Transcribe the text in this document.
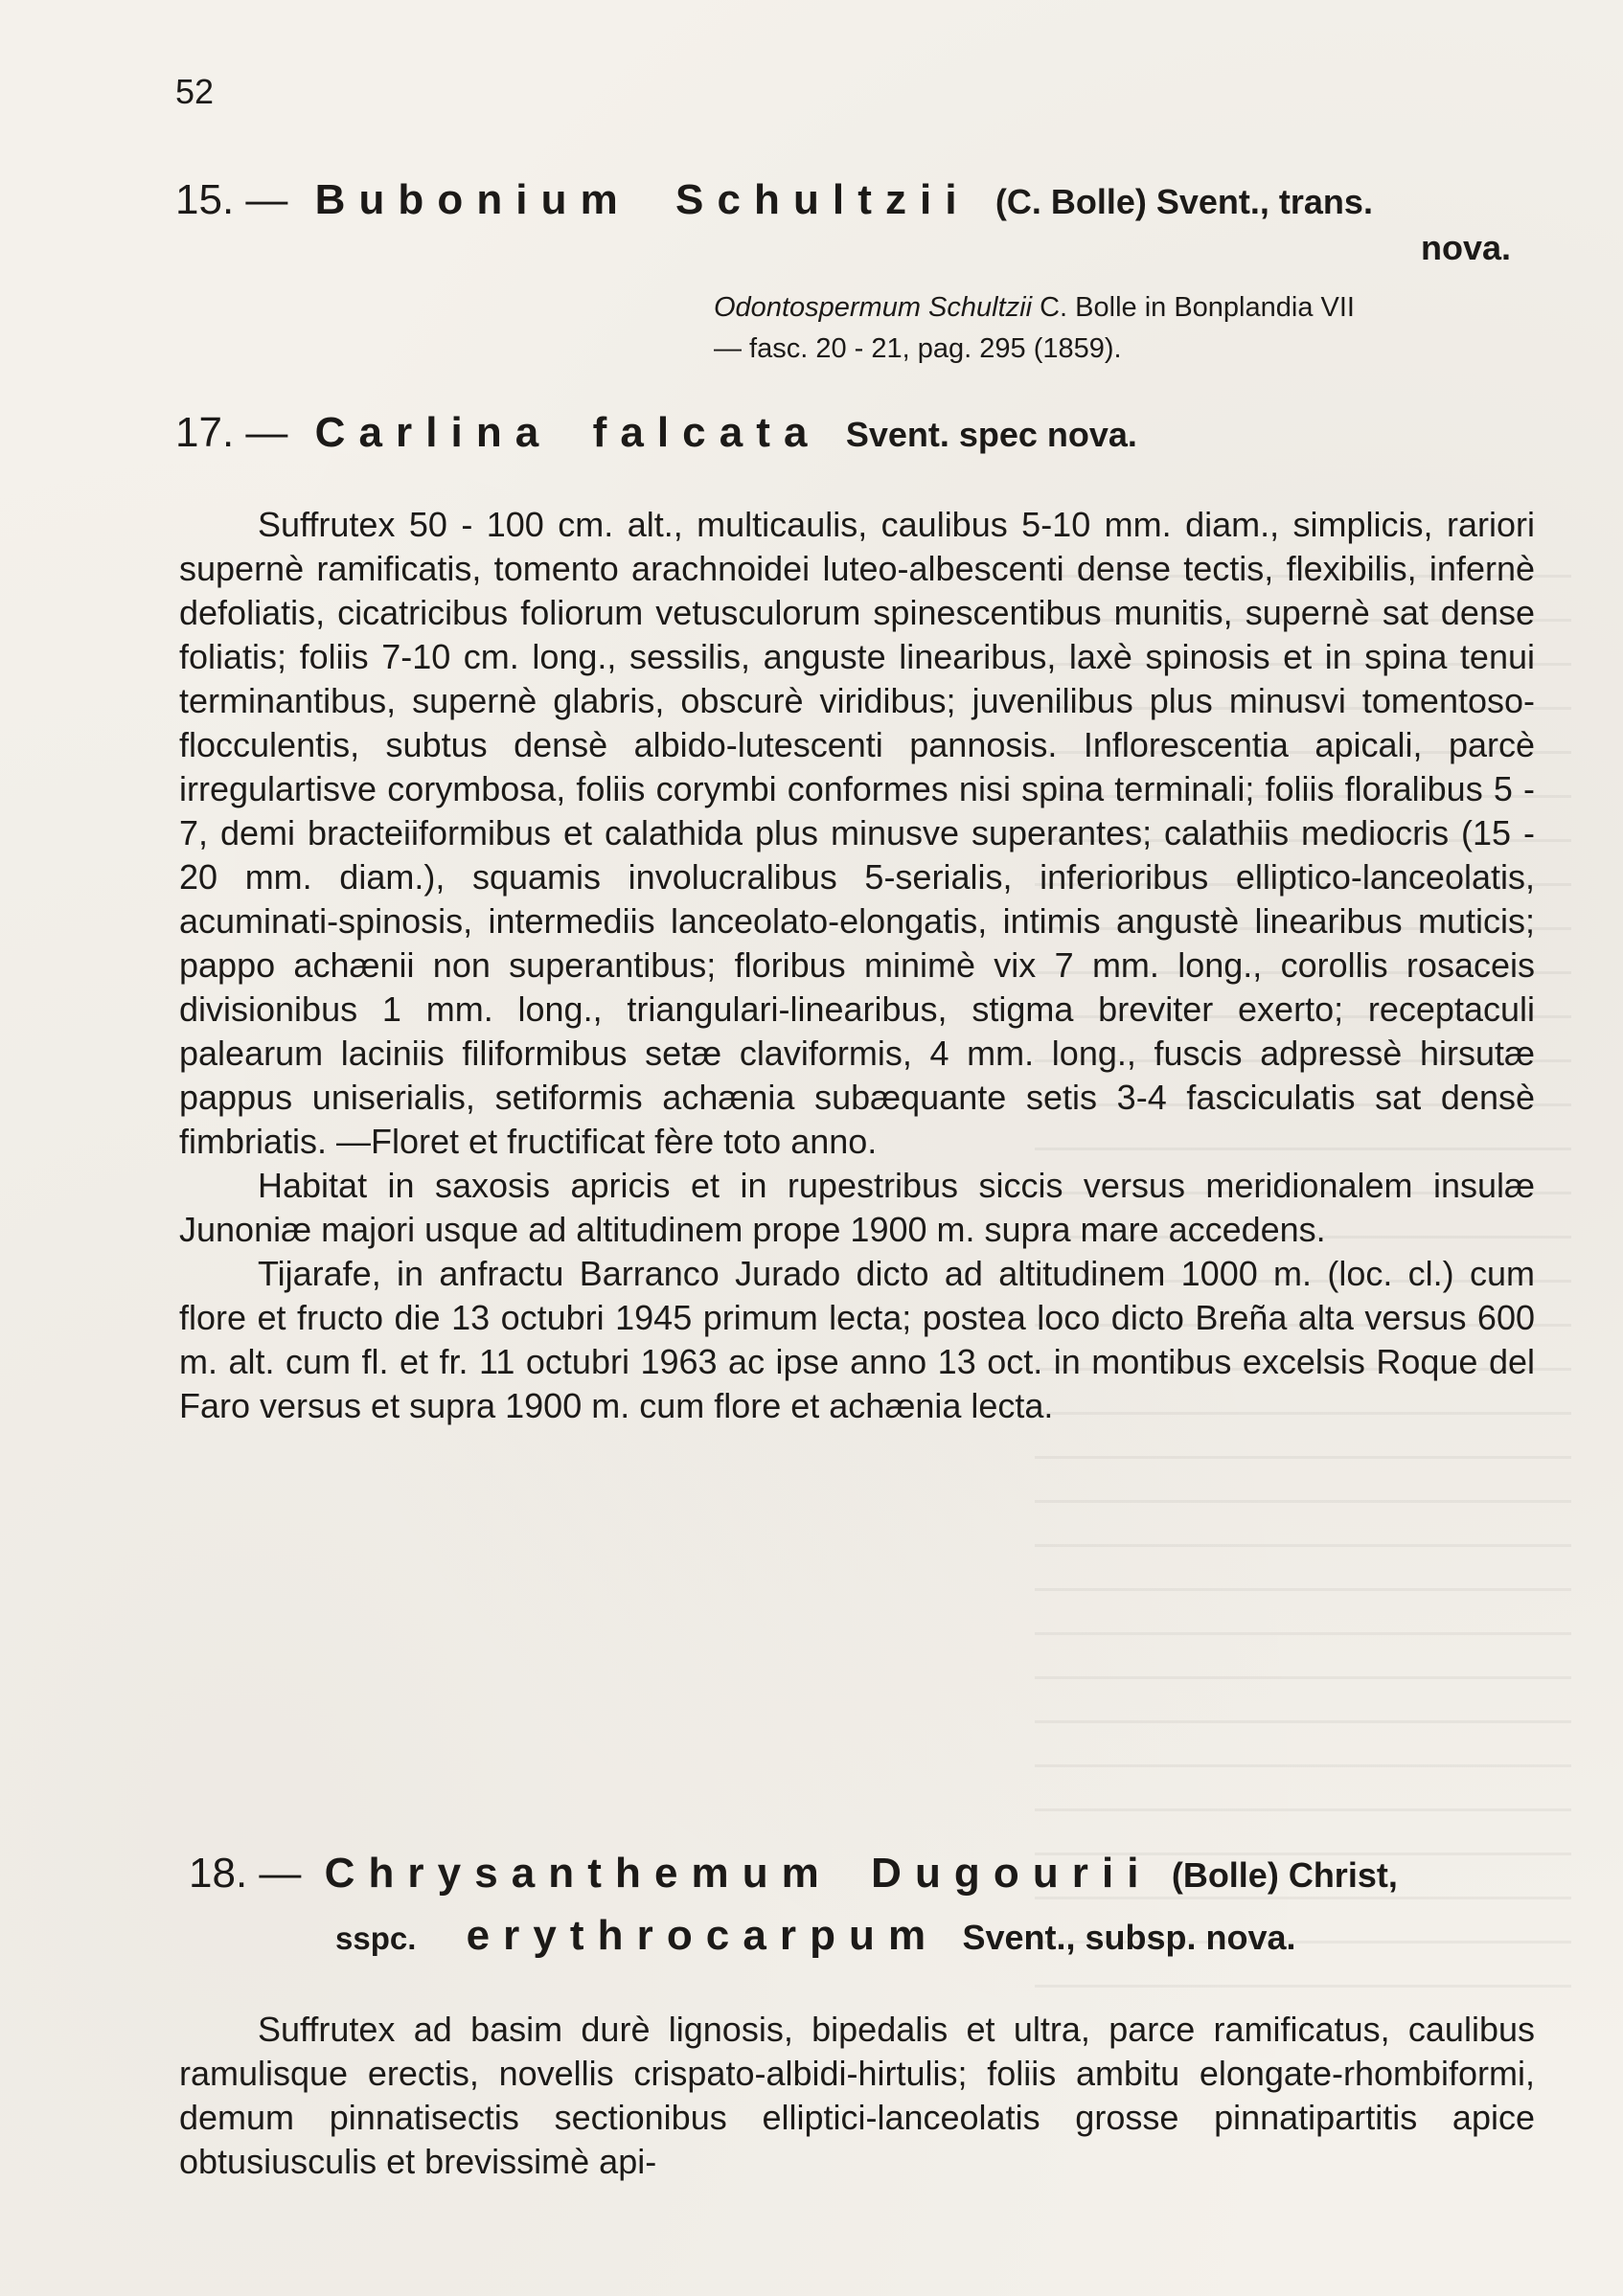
52
15. — Bubonium Schultzii (C. Bolle) Svent., trans.
nova.
Odontospermum Schultzii C. Bolle in Bonplandia VII
— fasc. 20 - 21, pag. 295 (1859).
17. — Carlina falcata Svent. spec nova.

Suffrutex 50 - 100 cm. alt., multicaulis, caulibus 5-10 mm. diam., simplicis, rariori supernè ramificatis, tomento arachnoidei luteo-albescenti dense tectis, flexibilis, infernè defoliatis, cicatricibus foliorum vetusculorum spinescentibus munitis, supernè sat dense foliatis; foliis 7-10 cm. long., sessilis, anguste linearibus, laxè spinosis et in spina tenui terminantibus, supernè glabris, obscurè viridibus; juvenilibus plus minusvi tomentoso-flocculentis, subtus densè albido-lutescenti pannosis. Inflorescentia apicali, parcè irregulartisve corymbosa, foliis corymbi conformes nisi spina terminali; foliis floralibus 5 - 7, demi bracteiiformibus et calathida plus minusve superantes; calathiis mediocris (15 - 20 mm. diam.), squamis involucralibus 5-serialis, inferioribus elliptico-lanceolatis, acuminati-spinosis, intermediis lanceolato-elongatis, intimis angustè linearibus muticis; pappo achænii non superantibus; floribus minimè vix 7 mm. long., corollis rosaceis divisionibus 1 mm. long., triangulari-linearibus, stigma breviter exerto; receptaculi palearum laciniis filiformibus setæ claviformis, 4 mm. long., fuscis adpressè hirsutæ pappus uniserialis, setiformis achænia subæquante setis 3-4 fasciculatis sat densè fimbriatis. —Floret et fructificat fère toto anno.

Habitat in saxosis apricis et in rupestribus siccis versus meridionalem insulæ Junoniæ majori usque ad altitudinem prope 1900 m. supra mare accedens.

Tijarafe, in anfractu Barranco Jurado dicto ad altitudinem 1000 m. (loc. cl.) cum flore et fructo die 13 octubri 1945 primum lecta; postea loco dicto Breña alta versus 600 m. alt. cum fl. et fr. 11 octubri 1963 ac ipse anno 13 oct. in montibus excelsis Roque del Faro versus et supra 1900 m. cum flore et achænia lecta.

18. — Chrysanthemum Dugourii (Bolle) Christ,
sspc. erythrocarpum Svent., subsp. nova.

Suffrutex ad basim durè lignosis, bipedalis et ultra, parce ramificatus, caulibus ramulisque erectis, novellis crispato-albidi-hirtulis; foliis ambitu elongate-rhombiformi, demum pinnatisectis sectionibus elliptici-lanceolatis grosse pinnatipartitis apice obtusiusculis et brevissimè api-
